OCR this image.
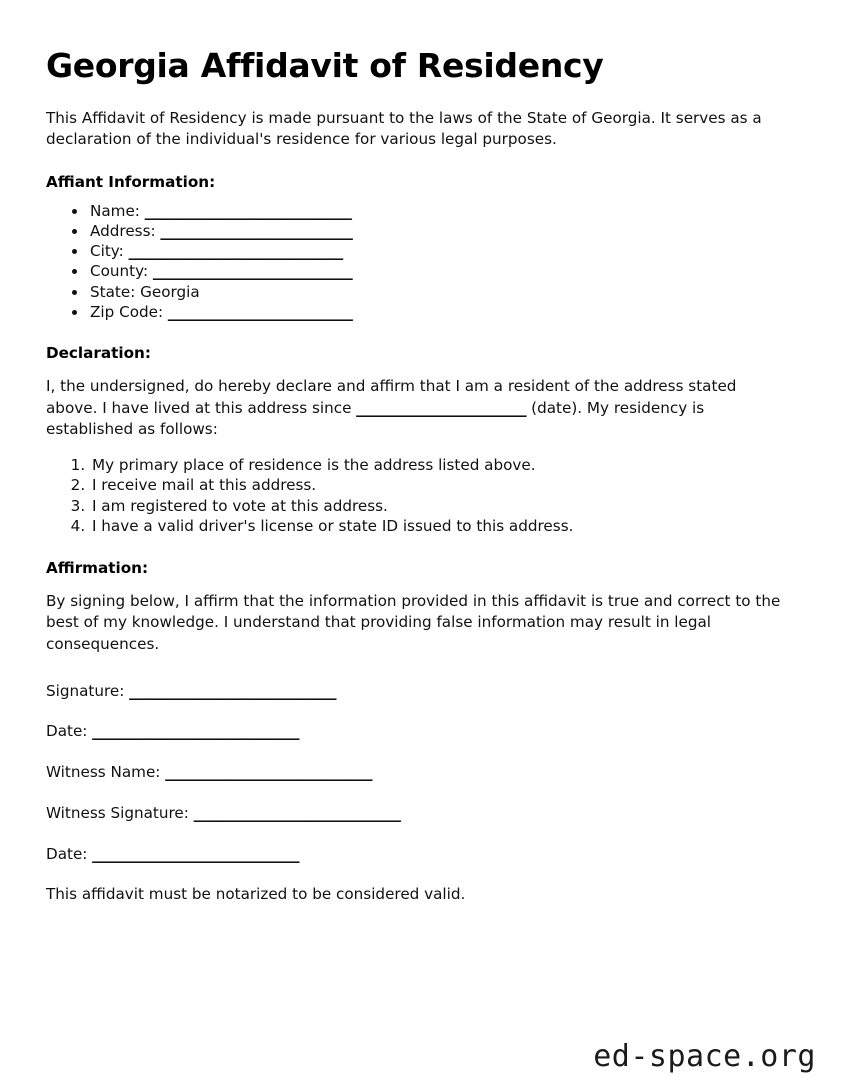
Georgia Affidavit of Residency

This Affidavit of Residency is made pursuant to the laws of the State of Georgia. It serves as a declaration of the individual's residence for various legal purposes.

Affiant Information:
• Name: ____________________________
• Address: __________________________
• City: _____________________________
• County: ___________________________
• State: Georgia
• Zip Code: _________________________
Declaration:

I, the undersigned, do hereby declare and affirm that I am a resident of the address stated above. I have lived at this address since _______________________ (date). My residency is established as follows:

1. My primary place of residence is the address listed above.
2. I receive mail at this address.
3. I am registered to vote at this address.
4. I have a valid driver's license or state ID issued to this address.
Affirmation:

By signing below, I affirm that the information provided in this affidavit is true and correct to the best of my knowledge. I understand that providing false information may result in legal consequences.

Signature: ____________________________
Date: ____________________________
Witness Name: ____________________________
Witness Signature: ____________________________
Date: ____________________________

This affidavit must be notarized to be considered valid.

ed-space.org
